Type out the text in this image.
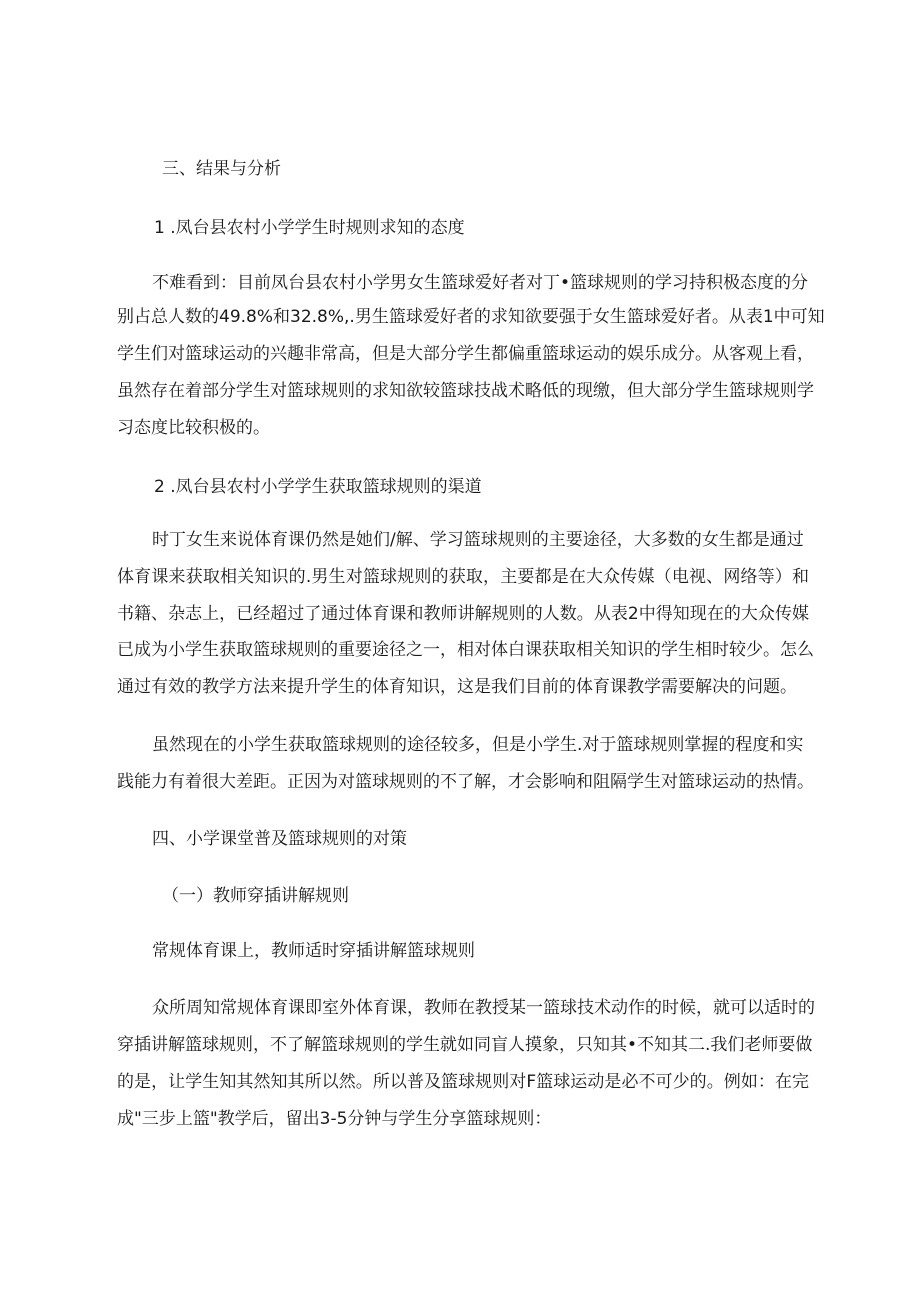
三、结果与分析

1 .凤台县农村小学学生时规则求知的态度

不难看到：目前凤台县农村小学男女生篮球爱好者对丁•篮球规则的学习持积极态度的分

别占总人数的49.8%和32.8%,.男生篮球爱好者的求知欲要强于女生篮球爱好者。从表1中可知

学生们对篮球运动的兴趣非常高，但是大部分学生都偏重篮球运动的娱乐成分。从客观上看，

虽然存在着部分学生对篮球规则的求知欲较篮球技战术略低的现缴，但大部分学生篮球规则学

习态度比较积极的。

2 .凤台县农村小学学生获取篮球规则的渠道

时丁女生来说体育课仍然是她们/解、学习篮球规则的主要途径，大多数的女生都是通过

体育课来获取相关知识的.男生对篮球规则的获取，主要都是在大众传媒（电视、网络等）和

书籍、杂志上，已经超过了通过体育课和教师讲解规则的人数。从表2中得知现在的大众传媒

已成为小学生获取篮球规则的重要途径之一，相对体白课获取相关知识的学生相时较少。怎么

通过有效的教学方法来提升学生的体育知识，这是我们目前的体育课教学需要解决的问题。

虽然现在的小学生获取篮球规则的途径较多，但是小学生.对于篮球规则掌握的程度和实

践能力有着很大差距。正因为对篮球规则的不了解，才会影响和阻隔学生对篮球运动的热情。

四、小学课堂普及篮球规则的对策

（一）教师穿插讲解规则

常规体育课上，教师适时穿插讲解篮球规则

众所周知常规体育课即室外体育课，教师在教授某一篮球技术动作的时候，就可以适时的

穿插讲解篮球规则，不了解篮球规则的学生就如同盲人摸象，只知其•不知其二.我们老师要做

的是，让学生知其然知其所以然。所以普及篮球规则对F篮球运动是必不可少的。例如：在完

成"三步上篮"教学后，留出3-5分钟与学生分享篮球规则：
